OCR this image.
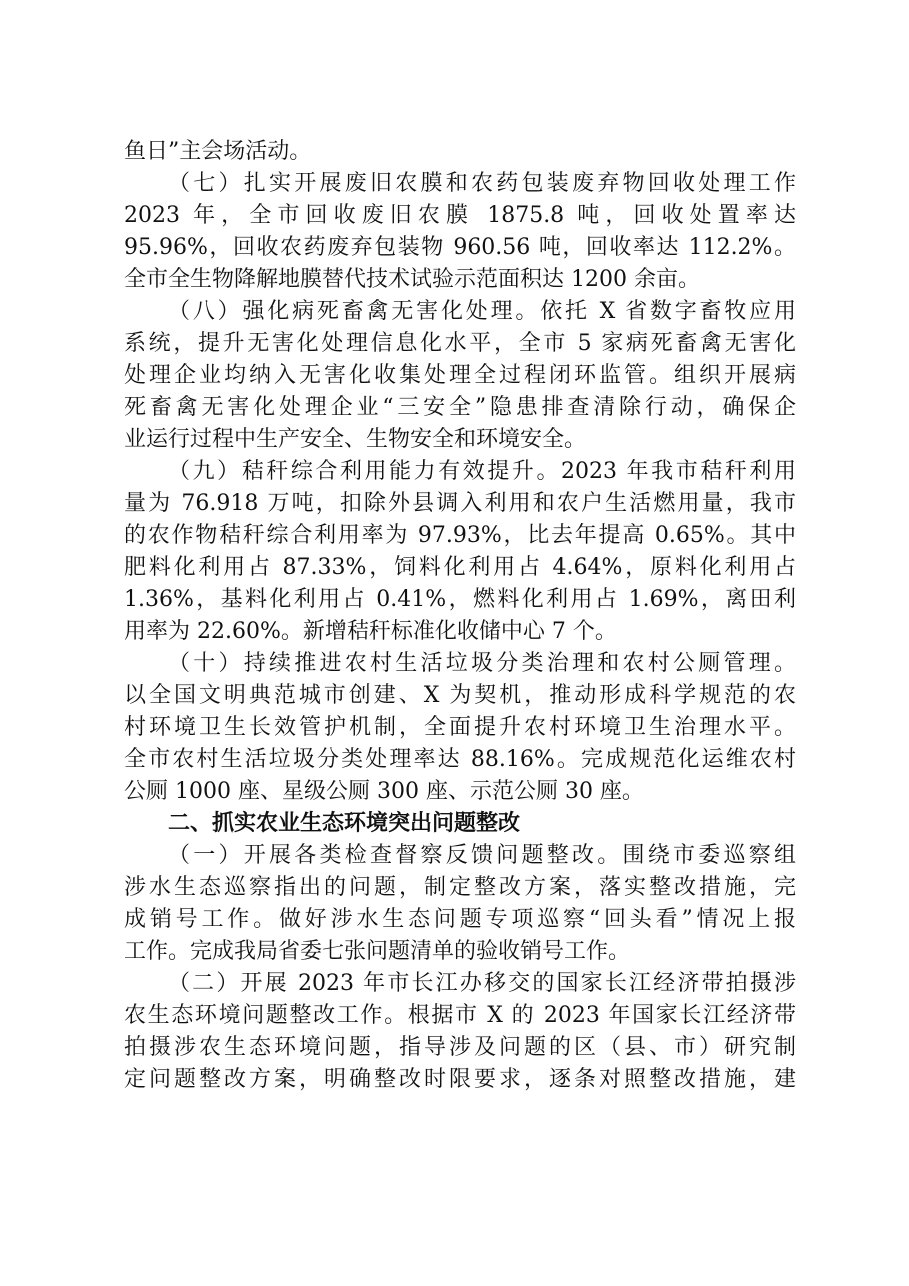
鱼日”主会场活动。
（七）扎实开展废旧农膜和农药包装废弃物回收处理工作
2023 年，全市回收废旧农膜 1875.8 吨，回收处置率达
95.96%，回收农药废弃包装物 960.56 吨，回收率达 112.2%。
全市全生物降解地膜替代技术试验示范面积达 1200 余亩。
（八）强化病死畜禽无害化处理。依托 X 省数字畜牧应用
系统，提升无害化处理信息化水平，全市 5 家病死畜禽无害化
处理企业均纳入无害化收集处理全过程闭环监管。组织开展病
死畜禽无害化处理企业“三安全”隐患排查清除行动，确保企
业运行过程中生产安全、生物安全和环境安全。
（九）秸秆综合利用能力有效提升。2023 年我市秸秆利用
量为 76.918 万吨，扣除外县调入利用和农户生活燃用量，我市
的农作物秸秆综合利用率为 97.93%，比去年提高 0.65%。其中
肥料化利用占 87.33%，饲料化利用占 4.64%，原料化利用占
1.36%，基料化利用占 0.41%，燃料化利用占 1.69%，离田利
用率为 22.60%。新增秸秆标准化收储中心 7 个。
（十）持续推进农村生活垃圾分类治理和农村公厕管理。
以全国文明典范城市创建、X 为契机，推动形成科学规范的农
村环境卫生长效管护机制，全面提升农村环境卫生治理水平。
全市农村生活垃圾分类处理率达 88.16%。完成规范化运维农村
公厕 1000 座、星级公厕 300 座、示范公厕 30 座。
二、抓实农业生态环境突出问题整改
（一）开展各类检查督察反馈问题整改。围绕市委巡察组
涉水生态巡察指出的问题，制定整改方案，落实整改措施，完
成销号工作。做好涉水生态问题专项巡察“回头看”情况上报
工作。完成我局省委七张问题清单的验收销号工作。
（二）开展 2023 年市长江办移交的国家长江经济带拍摄涉
农生态环境问题整改工作。根据市 X 的 2023 年国家长江经济带
拍摄涉农生态环境问题，指导涉及问题的区（县、市）研究制
定问题整改方案，明确整改时限要求，逐条对照整改措施，建
